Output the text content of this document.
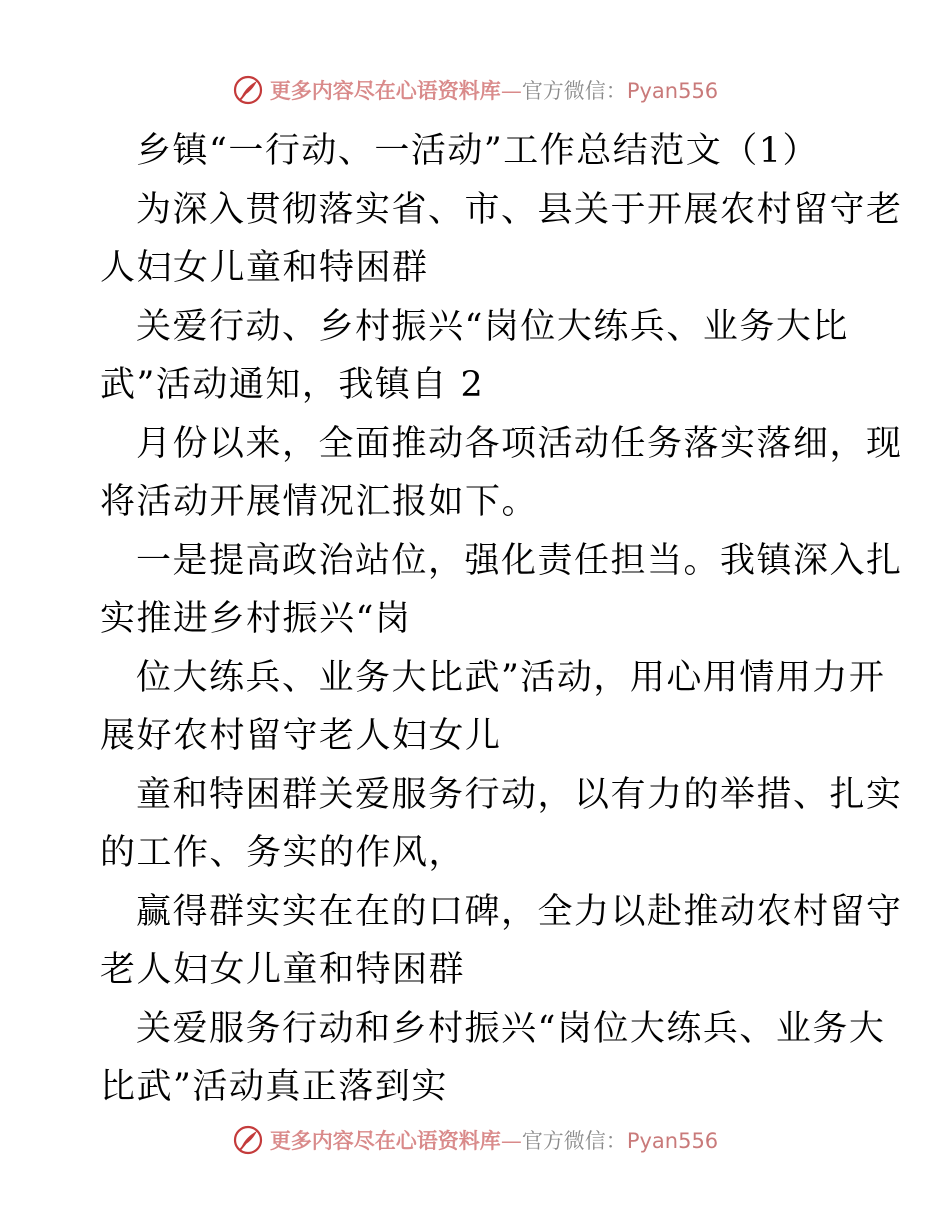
更多内容尽在心语资料库—官方微信：Pyan556
乡镇“一行动、一活动”工作总结范文（1）
为深入贯彻落实省、市、县关于开展农村留守老
人妇女儿童和特困群
关爱行动、乡村振兴“岗位大练兵、业务大比
武”活动通知，我镇自 2
月份以来，全面推动各项活动任务落实落细，现
将活动开展情况汇报如下。
一是提高政治站位，强化责任担当。我镇深入扎
实推进乡村振兴“岗
位大练兵、业务大比武”活动，用心用情用力开
展好农村留守老人妇女儿
童和特困群关爱服务行动，以有力的举措、扎实
的工作、务实的作风，
赢得群实实在在的口碑，全力以赴推动农村留守
老人妇女儿童和特困群
关爱服务行动和乡村振兴“岗位大练兵、业务大
比武”活动真正落到实
更多内容尽在心语资料库—官方微信：Pyan556
